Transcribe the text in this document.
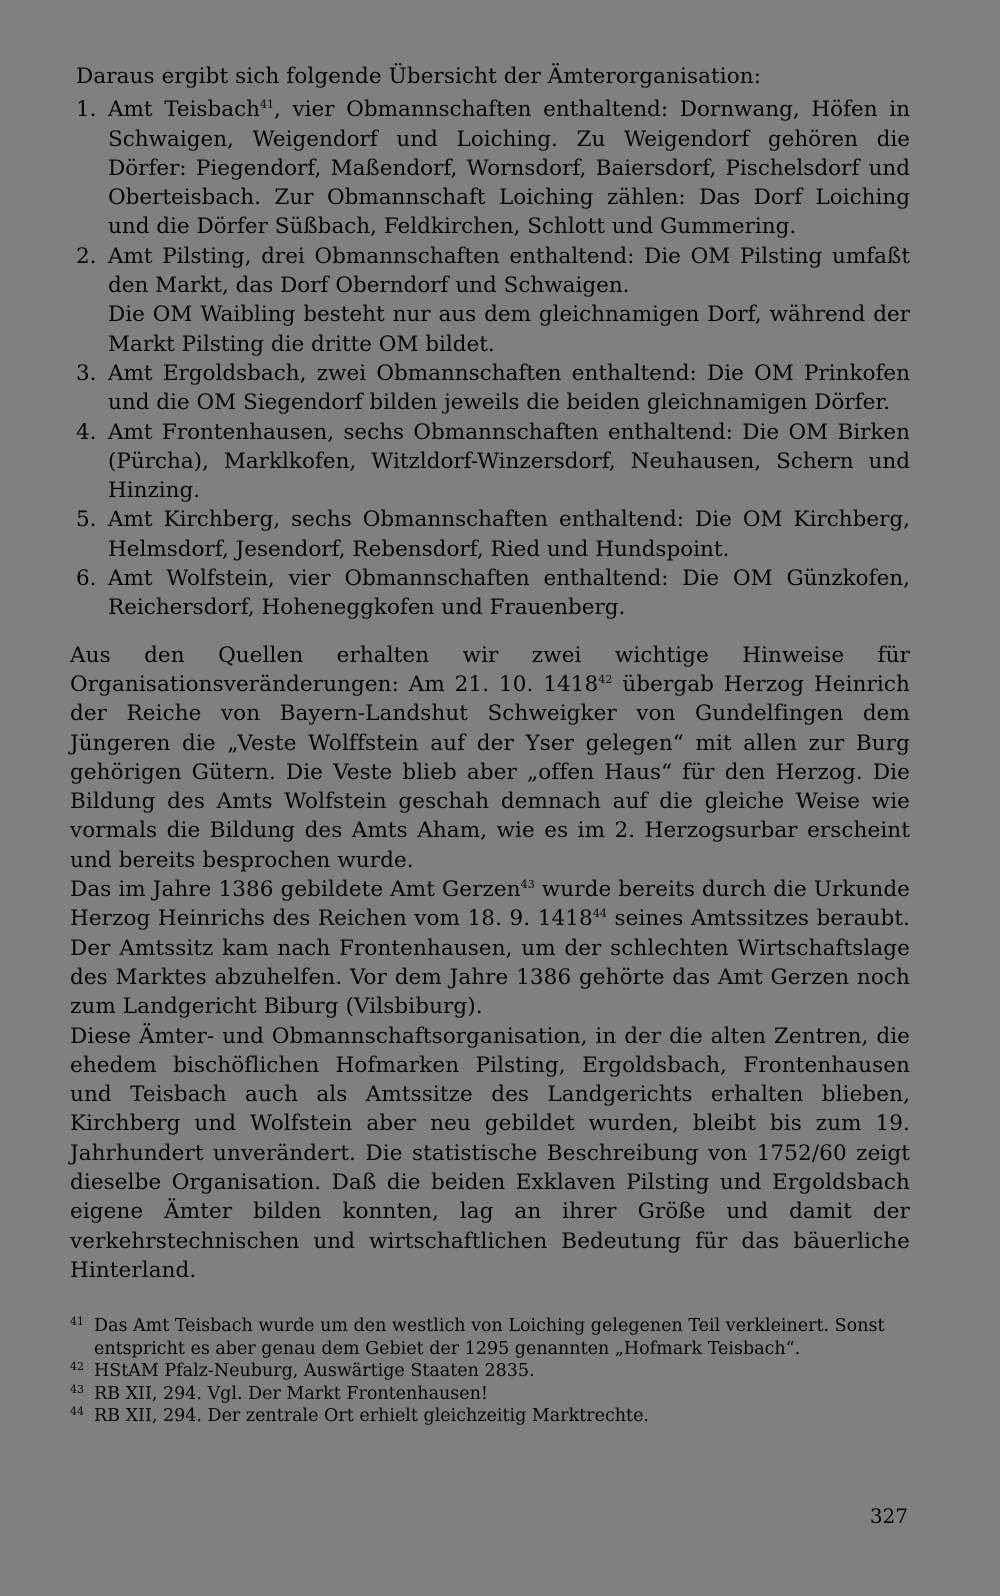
Daraus ergibt sich folgende Übersicht der Ämterorganisation:

1. Amt Teisbach$^{41}$, vier Obmannschaften enthaltend: Dornwang, Höfen in Schwaigen, Weigendorf und Loiching. Zu Weigendorf gehören die Dörfer: Piegendorf, Maßendorf, Wornsdorf, Baiersdorf, Pischelsdorf und Oberteisbach. Zur Obmannschaft Loiching zählen: Das Dorf Loiching und die Dörfer Süßbach, Feldkirchen, Schlott und Gummering.
2. Amt Pilsting, drei Obmannschaften enthaltend: Die OM Pilsting umfaßt den Markt, das Dorf Oberndorf und Schwaigen.
Die OM Waibling besteht nur aus dem gleichnamigen Dorf, während der Markt Pilsting die dritte OM bildet.
3. Amt Ergoldsbach, zwei Obmannschaften enthaltend: Die OM Prinkofen und die OM Siegendorf bilden jeweils die beiden gleichnamigen Dörfer.
4. Amt Frontenhausen, sechs Obmannschaften enthaltend: Die OM Birken (Pürcha), Marklkofen, Witzldorf-Winzersdorf, Neuhausen, Schern und Hinzing.
5. Amt Kirchberg, sechs Obmannschaften enthaltend: Die OM Kirchberg, Helmsdorf, Jesendorf, Rebensdorf, Ried und Hundspoint.
6. Amt Wolfstein, vier Obmannschaften enthaltend: Die OM Günzkofen, Reichersdorf, Hoheneggkofen und Frauenberg.

Aus den Quellen erhalten wir zwei wichtige Hinweise für Organisationsveränderungen: Am 21. 10. 1418$^{42}$ übergab Herzog Heinrich der Reiche von Bayern-Landshut Schweigker von Gundelfingen dem Jüngeren die „Veste Wolffstein auf der Yser gelegen“ mit allen zur Burg gehörigen Gütern. Die Veste blieb aber „offen Haus“ für den Herzog. Die Bildung des Amts Wolfstein geschah demnach auf die gleiche Weise wie vormals die Bildung des Amts Aham, wie es im 2. Herzogsurbar erscheint und bereits besprochen wurde.

Das im Jahre 1386 gebildete Amt Gerzen$^{43}$ wurde bereits durch die Urkunde Herzog Heinrichs des Reichen vom 18. 9. 1418$^{44}$ seines Amtssitzes beraubt. Der Amtssitz kam nach Frontenhausen, um der schlechten Wirtschaftslage des Marktes abzuhelfen. Vor dem Jahre 1386 gehörte das Amt Gerzen noch zum Landgericht Biburg (Vilsbiburg).

Diese Ämter- und Obmannschaftsorganisation, in der die alten Zentren, die ehedem bischöflichen Hofmarken Pilsting, Ergoldsbach, Frontenhausen und Teisbach auch als Amtssitze des Landgerichts erhalten blieben, Kirchberg und Wolfstein aber neu gebildet wurden, bleibt bis zum 19. Jahrhundert unverändert. Die statistische Beschreibung von 1752/60 zeigt dieselbe Organisation. Daß die beiden Exklaven Pilsting und Ergoldsbach eigene Ämter bilden konnten, lag an ihrer Größe und damit der verkehrstechnischen und wirtschaftlichen Bedeutung für das bäuerliche Hinterland.

41 Das Amt Teisbach wurde um den westlich von Loiching gelegenen Teil verkleinert. Sonst entspricht es aber genau dem Gebiet der 1295 genannten „Hofmark Teisbach“.

42 HStAM Pfalz-Neuburg, Auswärtige Staaten 2835.

43 RB XII, 294. Vgl. Der Markt Frontenhausen!

44 RB XII, 294. Der zentrale Ort erhielt gleichzeitig Marktrechte.

327
